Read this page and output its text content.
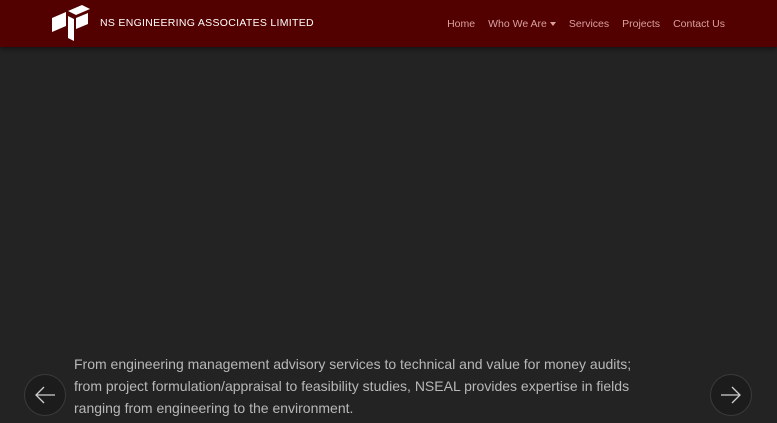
NS ENGINEERING ASSOCIATES LIMITED	Home Who We Are Services Projects Contact Us

From engineering management advisory services to technical and value for money audits; from project formulation/appraisal to feasibility studies, NSEAL provides expertise in fields ranging from engineering to the environment.
